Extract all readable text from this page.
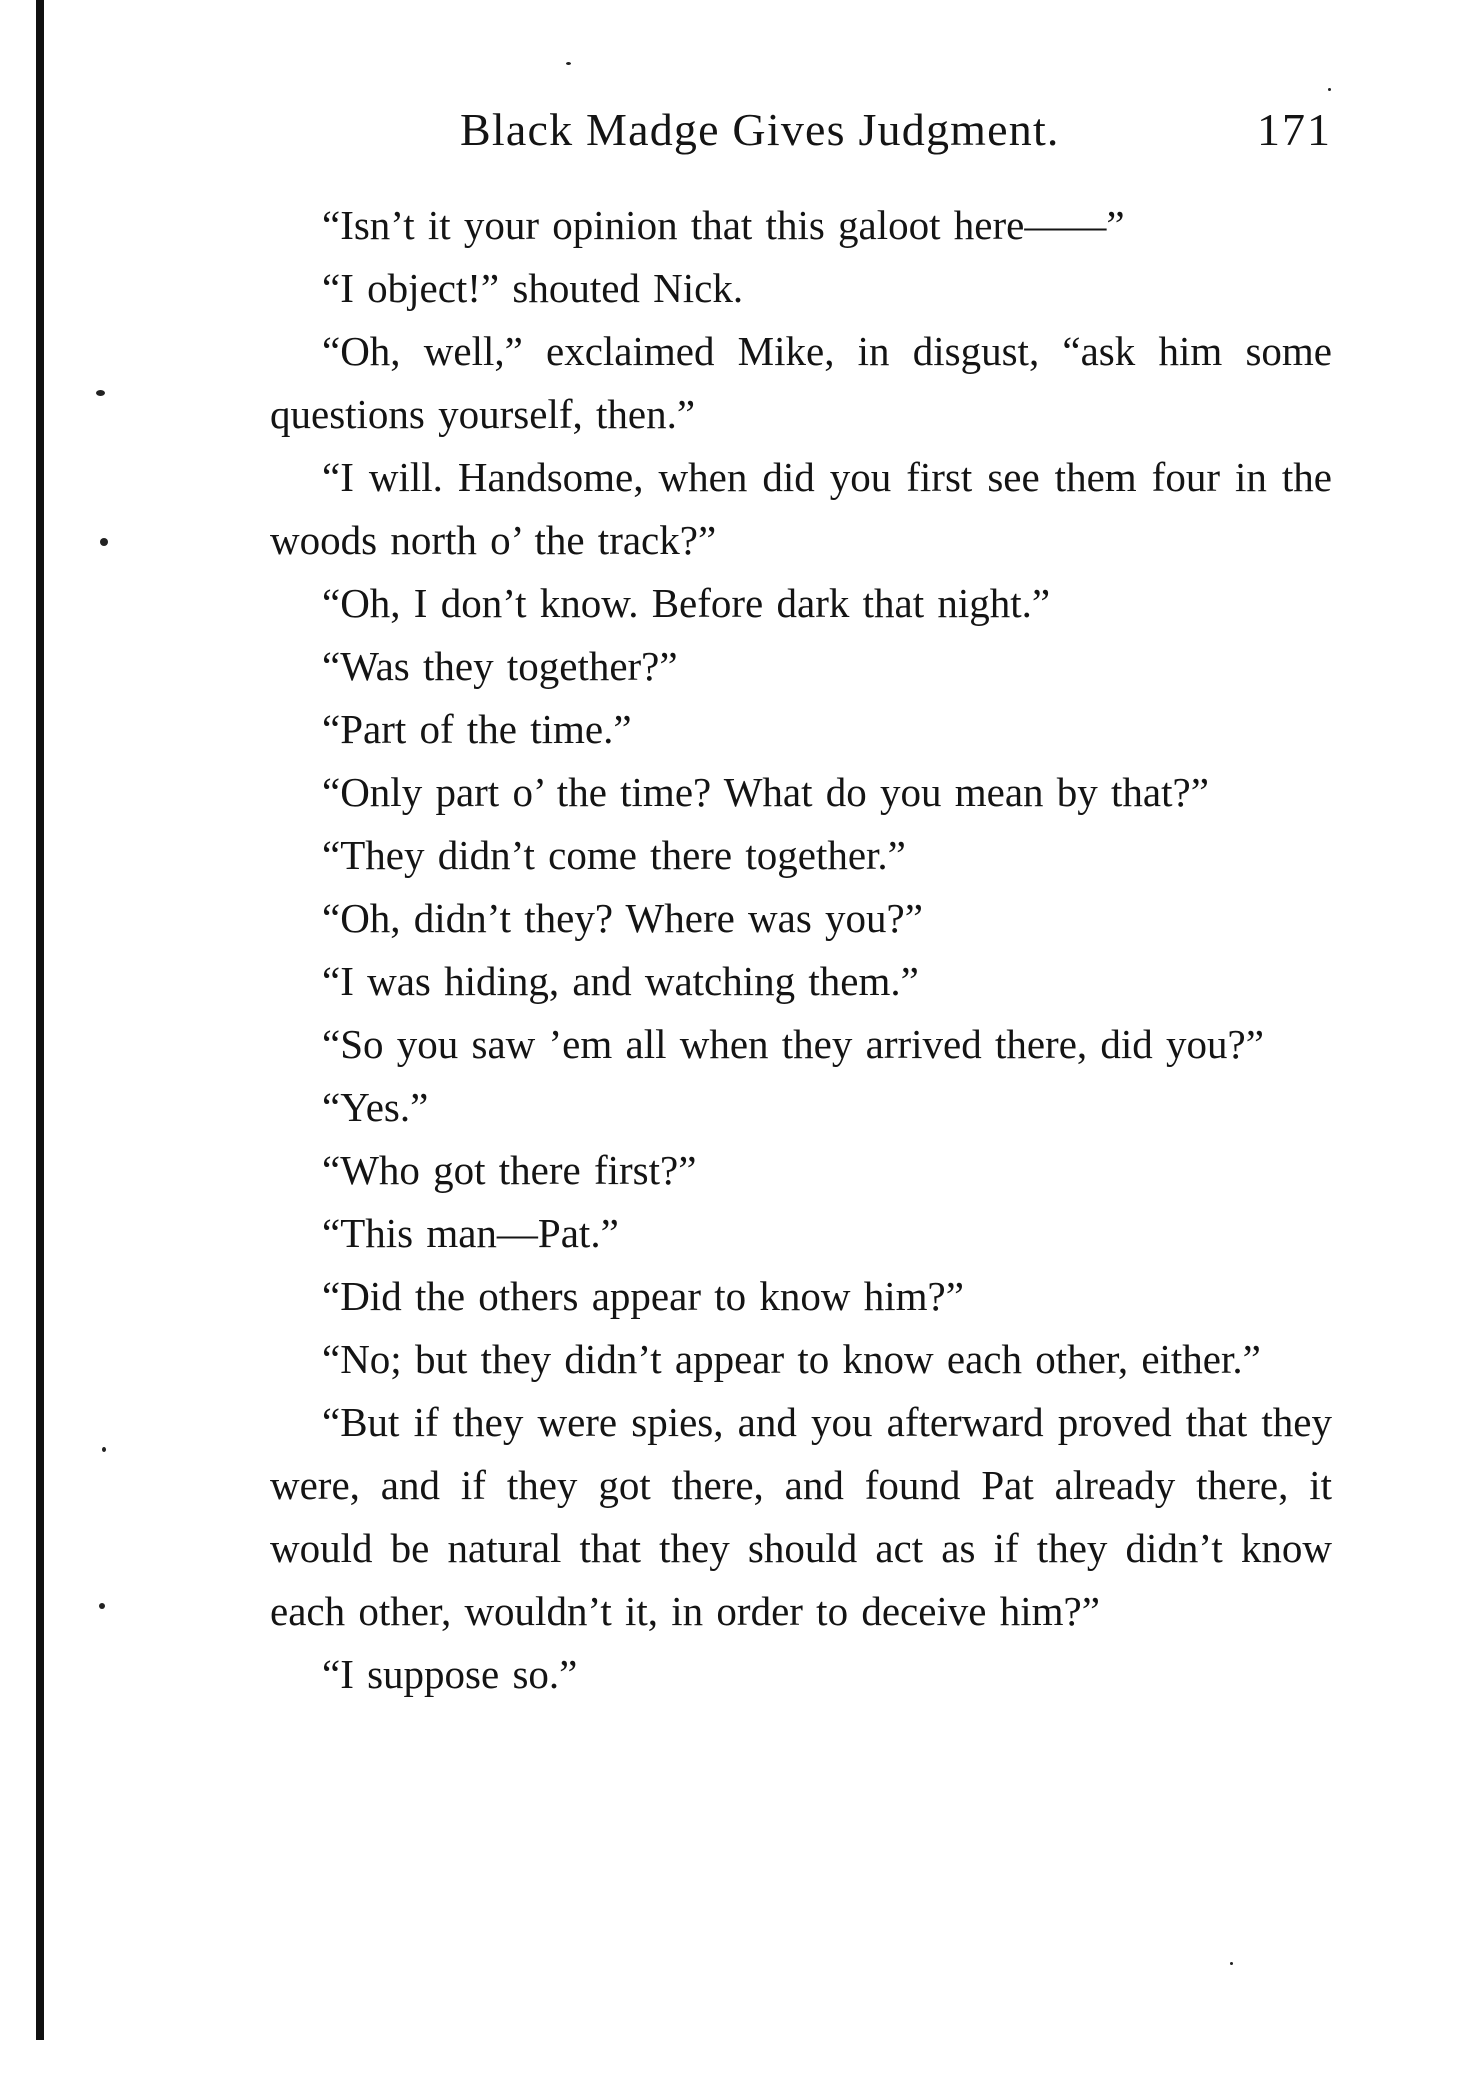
Black Madge Gives Judgment.	171

“Isn’t it your opinion that this galoot here——”

“I object!” shouted Nick.

“Oh, well,” exclaimed Mike, in disgust, “ask him some questions yourself, then.”

“I will. Handsome, when did you first see them four in the woods north o’ the track?”

“Oh, I don’t know. Before dark that night.”

“Was they together?”

“Part of the time.”

“Only part o’ the time? What do you mean by that?”

“They didn’t come there together.”

“Oh, didn’t they? Where was you?”

“I was hiding, and watching them.”

“So you saw ’em all when they arrived there, did you?”

“Yes.”

“Who got there first?”

“This man—Pat.”

“Did the others appear to know him?”

“No; but they didn’t appear to know each other, either.”

“But if they were spies, and you afterward proved that they were, and if they got there, and found Pat already there, it would be natural that they should act as if they didn’t know each other, wouldn’t it, in order to deceive him?”

“I suppose so.”
